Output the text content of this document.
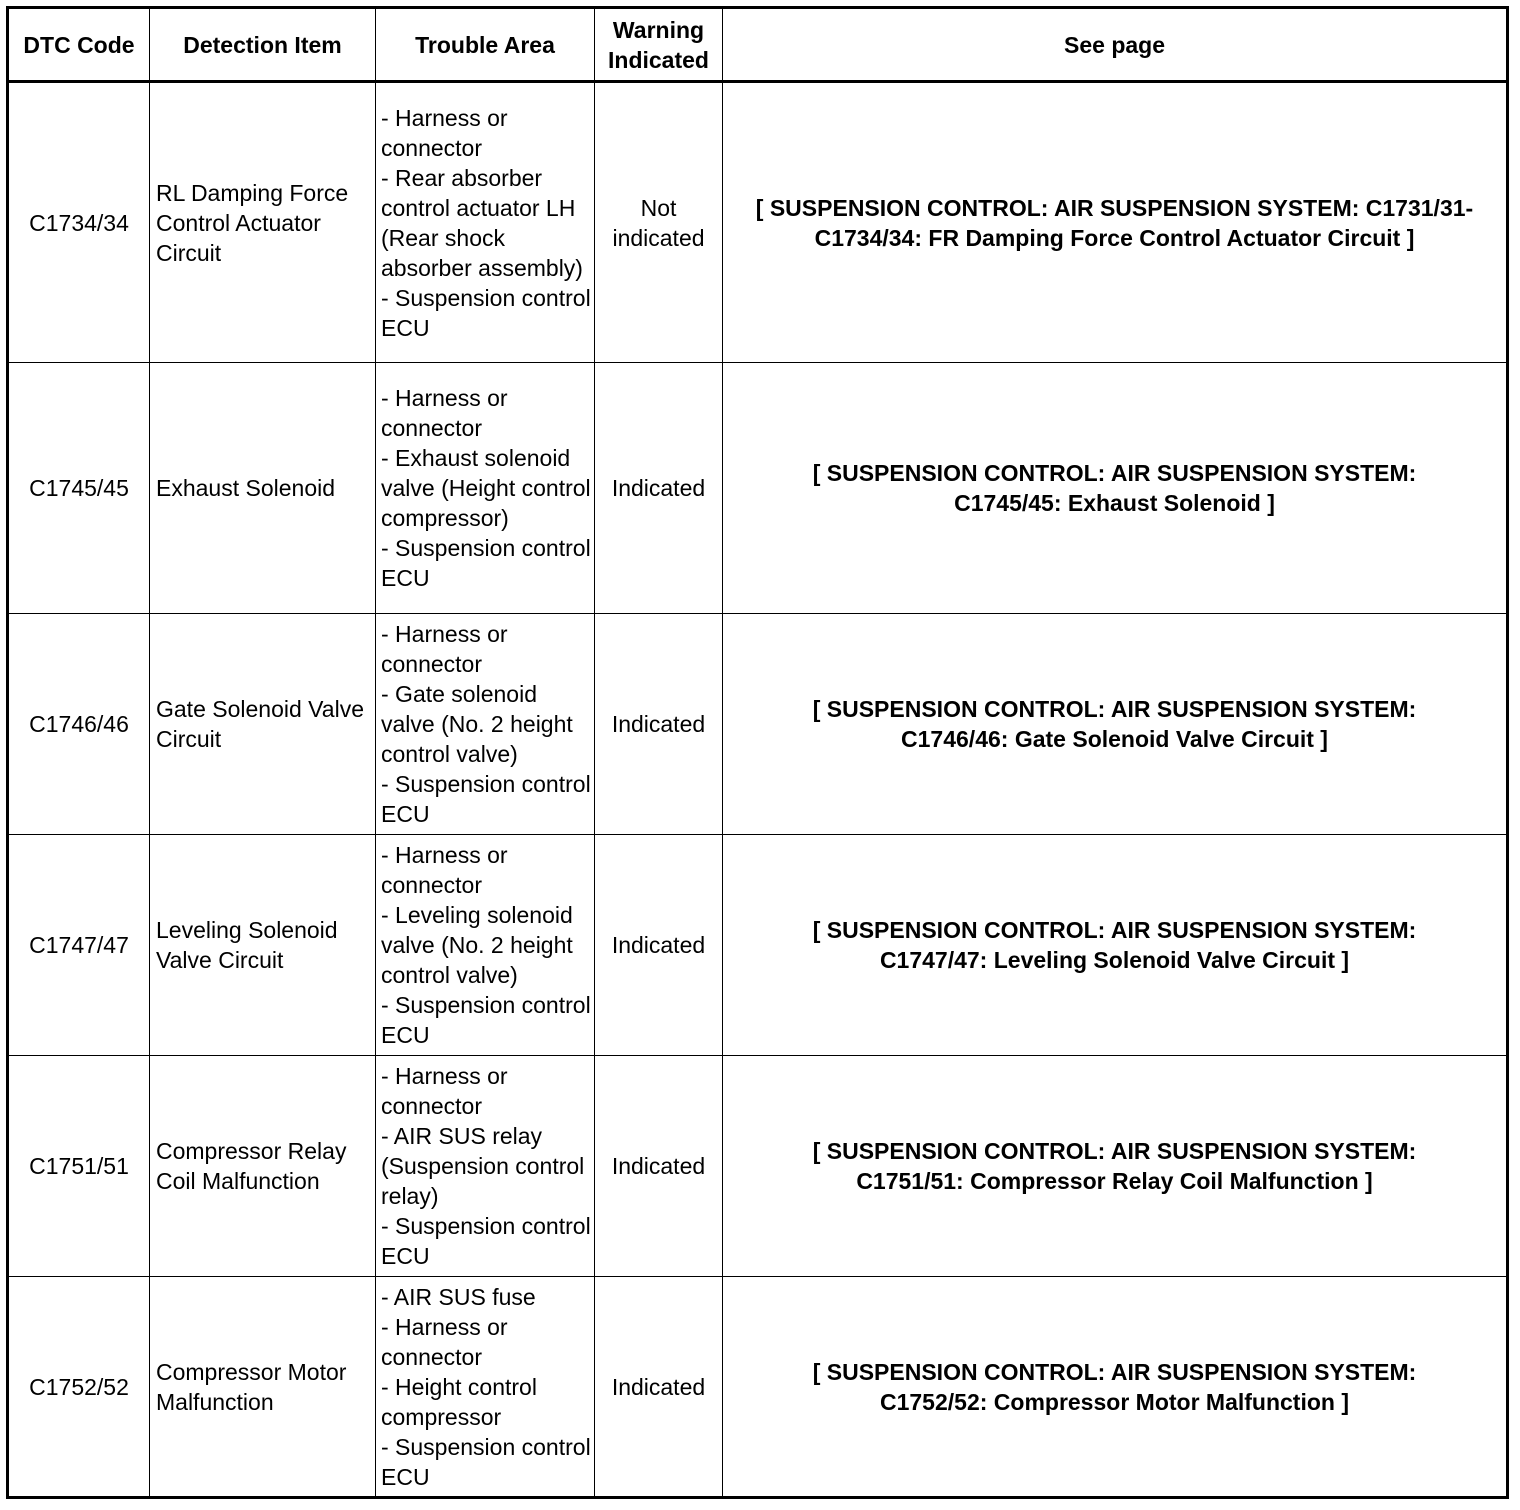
DTC Code	Detection Item	Trouble Area	Warning Indicated	See page
C1734/34	RL Damping Force Control Actuator Circuit	- Harness or connector
- Rear absorber control actuator LH (Rear shock absorber assembly)
- Suspension control ECU	Not indicated	[ SUSPENSION CONTROL: AIR SUSPENSION SYSTEM: C1731/31-C1734/34: FR Damping Force Control Actuator Circuit ]
C1745/45	Exhaust Solenoid	- Harness or connector
- Exhaust solenoid valve (Height control compressor)
- Suspension control ECU	Indicated	[ SUSPENSION CONTROL: AIR SUSPENSION SYSTEM: C1745/45: Exhaust Solenoid ]
C1746/46	Gate Solenoid Valve Circuit	- Harness or connector
- Gate solenoid valve (No. 2 height control valve)
- Suspension control ECU	Indicated	[ SUSPENSION CONTROL: AIR SUSPENSION SYSTEM: C1746/46: Gate Solenoid Valve Circuit ]
C1747/47	Leveling Solenoid Valve Circuit	- Harness or connector
- Leveling solenoid valve (No. 2 height control valve)
- Suspension control ECU	Indicated	[ SUSPENSION CONTROL: AIR SUSPENSION SYSTEM: C1747/47: Leveling Solenoid Valve Circuit ]
C1751/51	Compressor Relay Coil Malfunction	- Harness or connector
- AIR SUS relay (Suspension control relay)
- Suspension control ECU	Indicated	[ SUSPENSION CONTROL: AIR SUSPENSION SYSTEM: C1751/51: Compressor Relay Coil Malfunction ]
C1752/52	Compressor Motor Malfunction	- AIR SUS fuse
- Harness or connector
- Height control compressor
- Suspension control ECU	Indicated	[ SUSPENSION CONTROL: AIR SUSPENSION SYSTEM: C1752/52: Compressor Motor Malfunction ]
